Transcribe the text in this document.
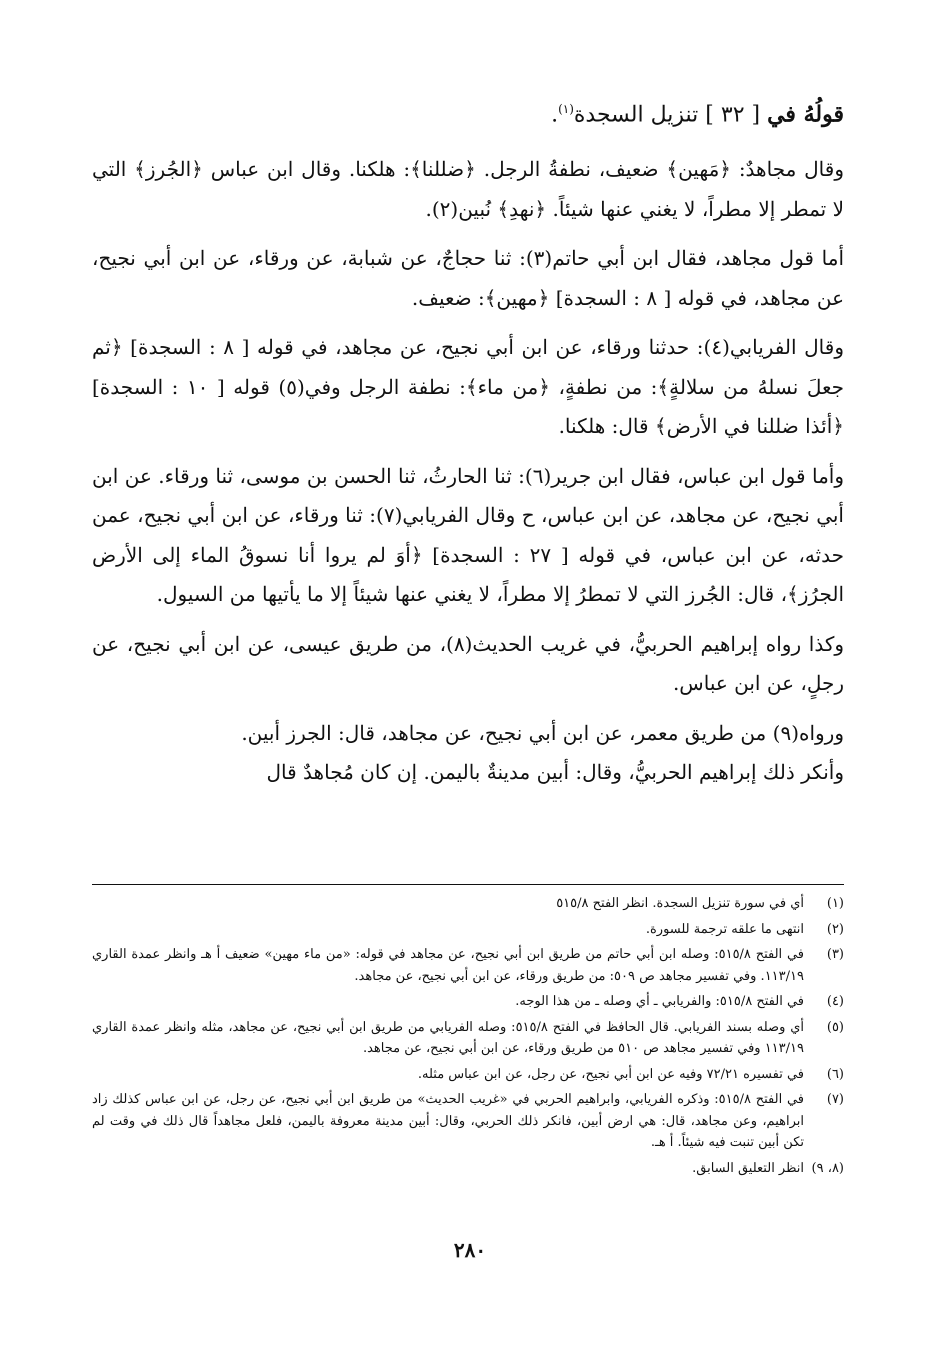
قولُهُ في [ ٣٢ ] تنزيل السجدة$^{(١)}$.

وقال مجاهدٌ: ﴿مَهين﴾ ضعيف، نطفةُ الرجل. ﴿ضللنا﴾: هلكنا. وقال ابن عباس ﴿الجُرز﴾ التي لا تمطر إلا مطراً، لا يغني عنها شيئاً. ﴿نهدِ﴾ نُبين(٢).

أما قول مجاهد، فقال ابن أبي حاتم(٣): ثنا حجاجٌ، عن شبابة، عن ورقاء، عن ابن أبي نجيح، عن مجاهد، في قوله [ ٨ : السجدة] ﴿مهين﴾: ضعيف.

وقال الفريابي(٤): حدثنا ورقاء، عن ابن أبي نجيح، عن مجاهد، في قوله [ ٨ : السجدة] ﴿ثم جعلَ نسلهُ من سلالةٍ﴾: من نطفةٍ، ﴿من ماء﴾: نطفة الرجل وفي(٥) قوله [ ١٠ : السجدة] ﴿أئذا ضللنا في الأرض﴾ قال: هلكنا.

وأما قول ابن عباس، فقال ابن جرير(٦): ثنا الحارثُ، ثنا الحسن بن موسى، ثنا ورقاء. عن ابن أبي نجيح، عن مجاهد، عن ابن عباس، ح وقال الفريابي(٧): ثنا ورقاء، عن ابن أبي نجيح، عمن حدثه، عن ابن عباس، في قوله [ ٢٧ : السجدة] ﴿أوَ لم يروا أنا نسوقُ الماء إلى الأرض الجرُز﴾، قال: الجُرز التي لا تمطرُ إلا مطراً، لا يغني عنها شيئاً إلا ما يأتيها من السيول.

وكذا رواه إبراهيم الحربيُّ، في غريب الحديث(٨)، من طريق عيسى، عن ابن أبي نجيح، عن رجلٍ، عن ابن عباس.

ورواه(٩) من طريق معمر، عن ابن أبي نجيح، عن مجاهد، قال: الجرز أبين.

وأنكر ذلك إبراهيم الحربيُّ، وقال: أبين مدينةٌ باليمن. إن كان مُجاهدٌ قال

(١)
أي في سورة تنزيل السجدة. انظر الفتح ٥١٥/٨
(٢)
انتهى ما علقه ترجمة للسورة.
(٣)
في الفتح ٥١٥/٨: وصله ابن أبي حاتم من طريق ابن أبي نجيح، عن مجاهد في قوله: «من ماء مهين» ضعيف أ هـ وانظر عمدة القاري ١١٣/١٩. وفي تفسير مجاهد ص ٥٠٩: من طريق ورقاء، عن ابن أبي نجيح، عن مجاهد.
(٤)
في الفتح ٥١٥/٨: والفريابي ـ أي وصله ـ من هذا الوجه.
(٥)
أي وصله بسند الفريابي. قال الحافظ في الفتح ٥١٥/٨: وصله الفريابي من طريق ابن أبي نجيح، عن مجاهد، مثله وانظر عمدة القاري ١١٣/١٩ وفي تفسير مجاهد ص ٥١٠ من طريق ورقاء، عن ابن أبي نجيح، عن مجاهد.
(٦)
في تفسيره ٧٢/٢١ وفيه عن ابن أبي نجيح، عن رجل، عن ابن عباس مثله.
(٧)
في الفتح ٥١٥/٨: وذكره الفريابي، وابراهيم الحربي في «غريب الحديث» من طريق ابن أبي نجيح، عن رجل، عن ابن عباس كذلك زاد ابراهيم، وعن مجاهد، قال: هي ارض أبين، فانكر ذلك الحربي، وقال: أبين مدينة معروفة باليمن، فلعل مجاهداً قال ذلك في وقت لم تكن أبين تنبت فيه شيئاً. أ هـ.
(٨، ٩)
انظر التعليق السابق.
٢٨٠
